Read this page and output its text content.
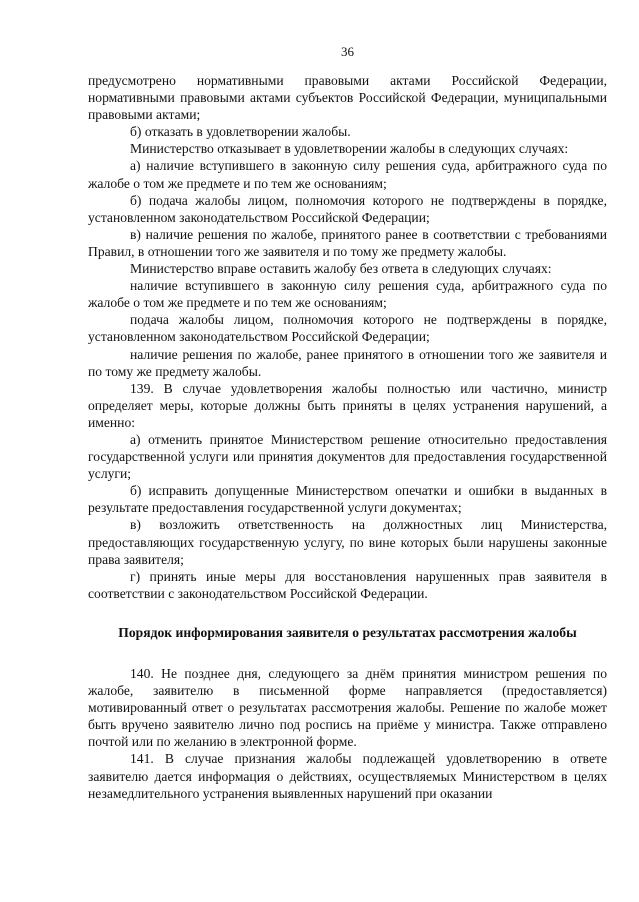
36

предусмотрено нормативными правовыми актами Российской Федерации, нормативными правовыми актами субъектов Российской Федерации, муниципальными правовыми актами;

б) отказать в удовлетворении жалобы.

Министерство отказывает в удовлетворении жалобы в следующих случаях:

а) наличие вступившего в законную силу решения суда, арбитражного суда по жалобе о том же предмете и по тем же основаниям;

б) подача жалобы лицом, полномочия которого не подтверждены в порядке, установленном законодательством Российской Федерации;

в) наличие решения по жалобе, принятого ранее в соответствии с требованиями Правил, в отношении того же заявителя и по тому же предмету жалобы.

Министерство вправе оставить жалобу без ответа в следующих случаях:

наличие вступившего в законную силу решения суда, арбитражного суда по жалобе о том же предмете и по тем же основаниям;

подача жалобы лицом, полномочия которого не подтверждены в порядке, установленном законодательством Российской Федерации;

наличие решения по жалобе, ранее принятого в отношении того же заявителя и по тому же предмету жалобы.

139. В случае удовлетворения жалобы полностью или частично, министр определяет меры, которые должны быть приняты в целях устранения нарушений, а именно:

а) отменить принятое Министерством решение относительно предоставления государственной услуги или принятия документов для предоставления государственной услуги;

б) исправить допущенные Министерством опечатки и ошибки в выданных в результате предоставления государственной услуги документах;

в) возложить ответственность на должностных лиц Министерства, предоставляющих государственную услугу, по вине которых были нарушены законные права заявителя;

г) принять иные меры для восстановления нарушенных прав заявителя в соответствии с законодательством Российской Федерации.

Порядок информирования заявителя о результатах рассмотрения жалобы

140. Не позднее дня, следующего за днём принятия министром решения по жалобе, заявителю в письменной форме направляется (предоставляется) мотивированный ответ о результатах рассмотрения жалобы. Решение по жалобе может быть вручено заявителю лично под роспись на приёме у министра. Также отправлено почтой или по желанию в электронной форме.

141. В случае признания жалобы подлежащей удовлетворению в ответе заявителю дается информация о действиях, осуществляемых Министерством в целях незамедлительного устранения выявленных нарушений при оказании
